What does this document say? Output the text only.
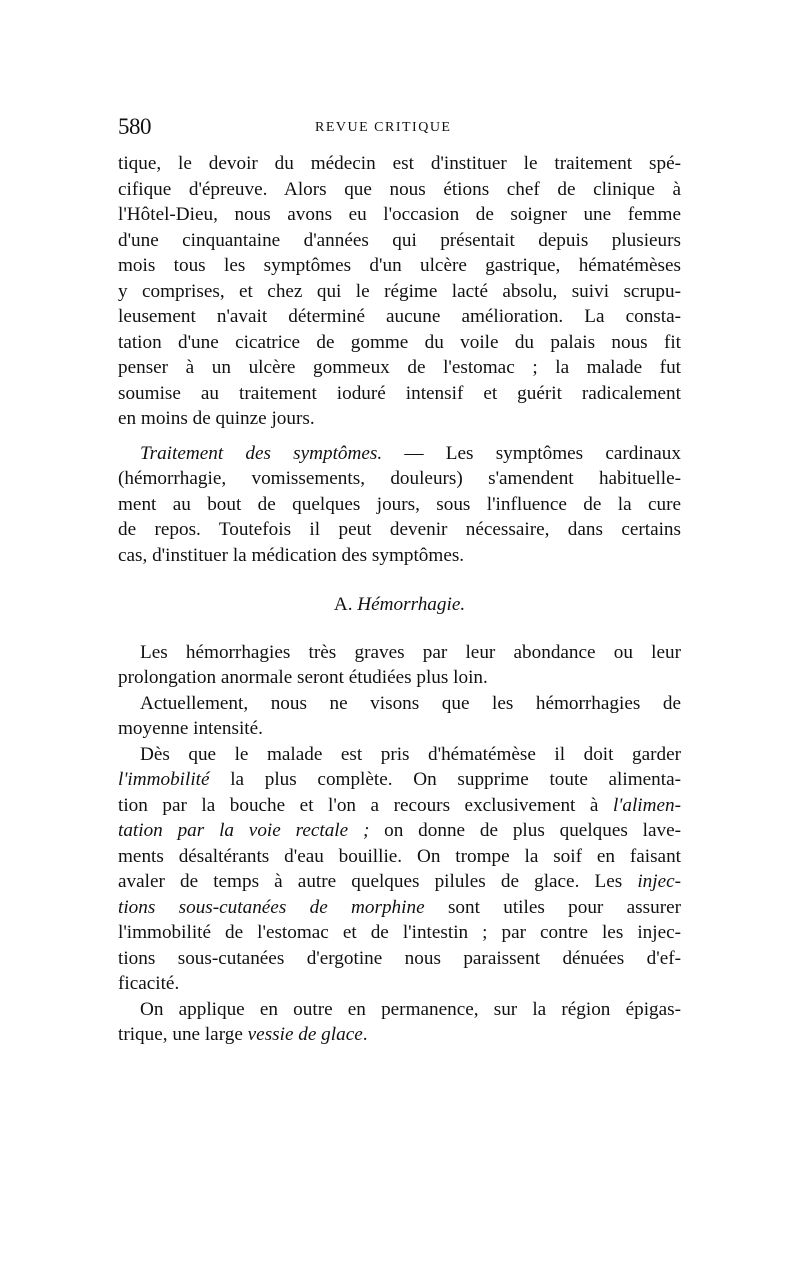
580	REVUE CRITIQUE
tique, le devoir du médecin est d'instituer le traitement spé-
cifique d'épreuve. Alors que nous étions chef de clinique à
l'Hôtel-Dieu, nous avons eu l'occasion de soigner une femme
d'une cinquantaine d'années qui présentait depuis plusieurs
mois tous les symptômes d'un ulcère gastrique, hématémèses
y comprises, et chez qui le régime lacté absolu, suivi scrupu-
leusement n'avait déterminé aucune amélioration. La consta-
tation d'une cicatrice de gomme du voile du palais nous fit
penser à un ulcère gommeux de l'estomac ; la malade fut
soumise au traitement ioduré intensif et guérit radicalement
en moins de quinze jours.
Traitement des symptômes. — Les symptômes cardinaux
(hémorrhagie, vomissements, douleurs) s'amendent habituelle-
ment au bout de quelques jours, sous l'influence de la cure
de repos. Toutefois il peut devenir nécessaire, dans certains
cas, d'instituer la médication des symptômes.
A. Hémorrhagie.
Les hémorrhagies très graves par leur abondance ou leur
prolongation anormale seront étudiées plus loin.
Actuellement, nous ne visons que les hémorrhagies de
moyenne intensité.
Dès que le malade est pris d'hématémèse il doit garder
l'immobilité la plus complète. On supprime toute alimenta-
tion par la bouche et l'on a recours exclusivement à l'alimen-
tation par la voie rectale ; on donne de plus quelques lave-
ments désaltérants d'eau bouillie. On trompe la soif en faisant
avaler de temps à autre quelques pilules de glace. Les injec-
tions sous-cutanées de morphine sont utiles pour assurer
l'immobilité de l'estomac et de l'intestin ; par contre les injec-
tions sous-cutanées d'ergotine nous paraissent dénuées d'ef-
ficacité.
On applique en outre en permanence, sur la région épigas-
trique, une large vessie de glace.
